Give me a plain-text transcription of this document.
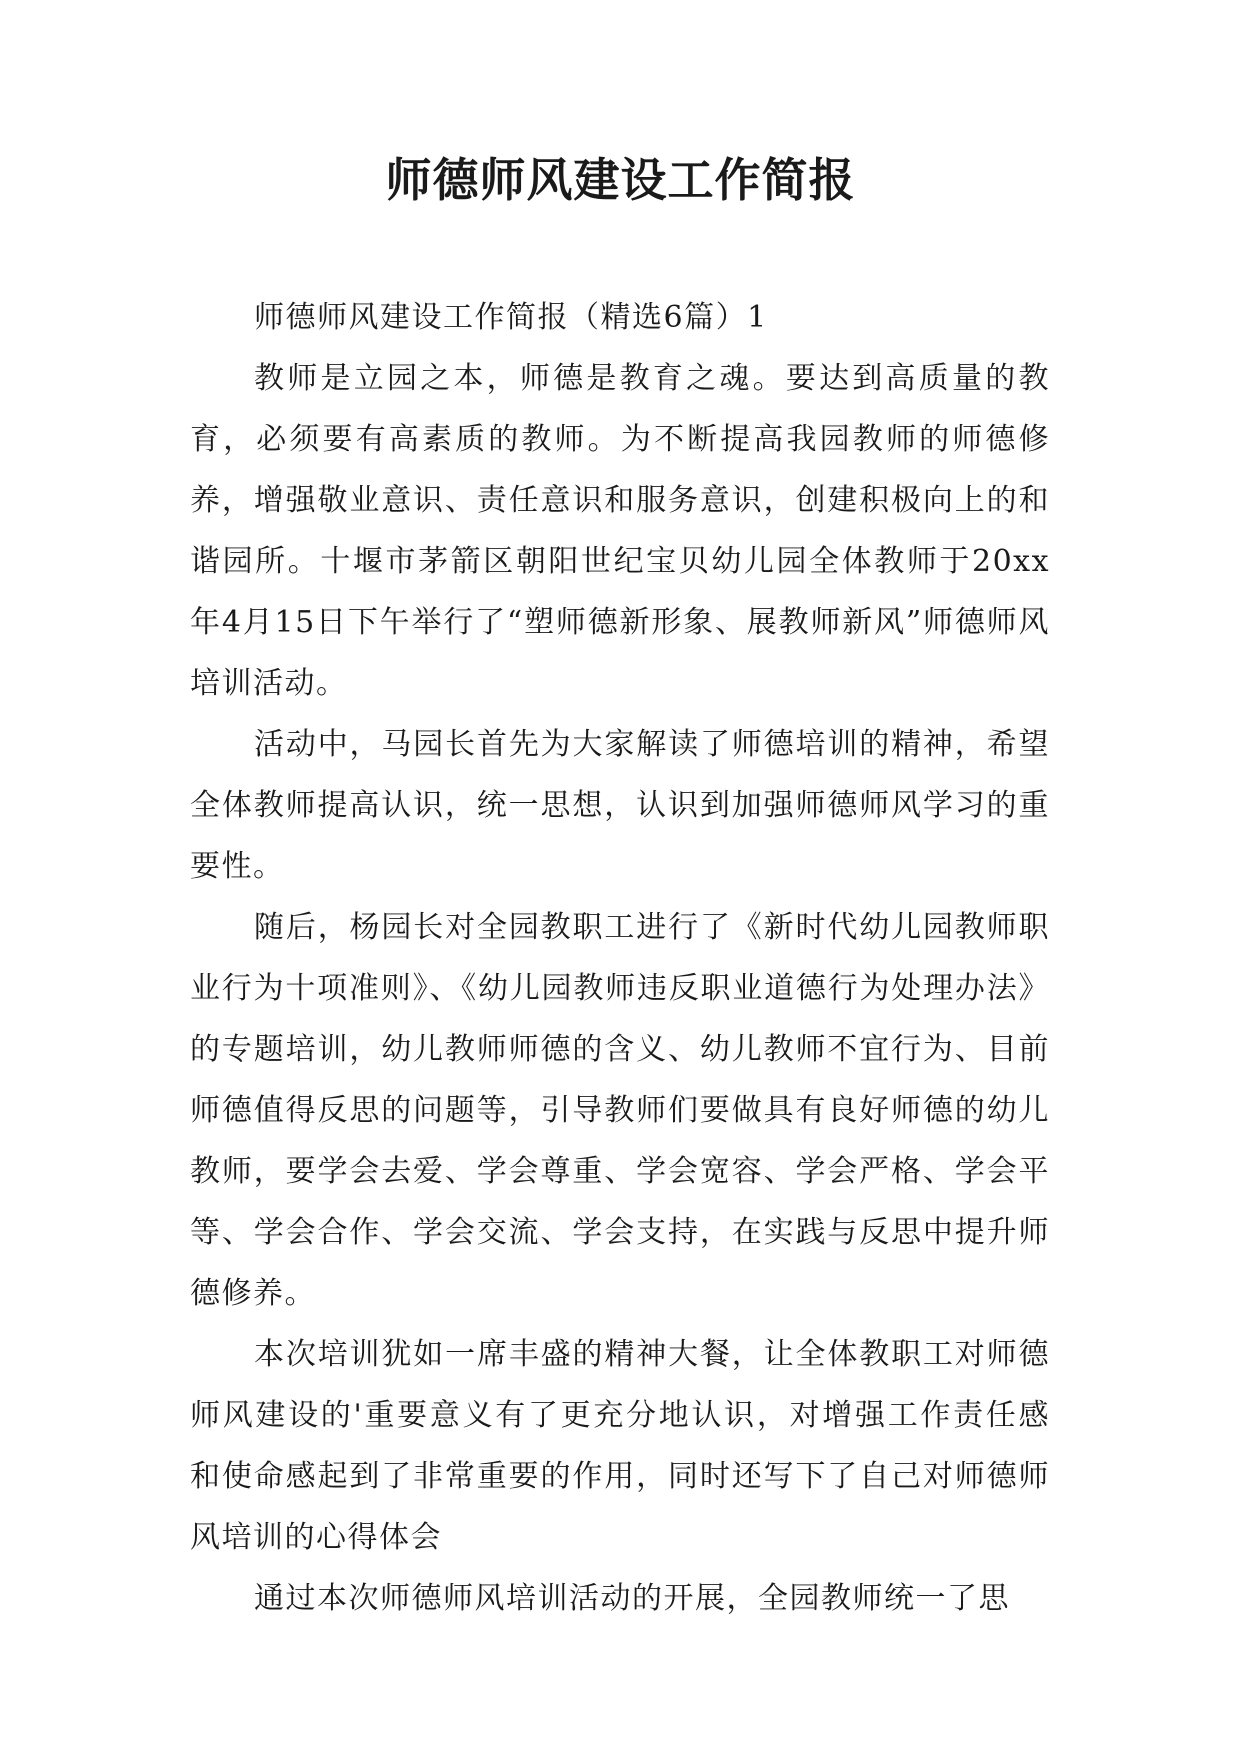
师德师风建设工作简报

师德师风建设工作简报（精选6篇）1

教师是立园之本，师德是教育之魂。要达到高质量的教育，必须要有高素质的教师。为不断提高我园教师的师德修养，增强敬业意识、责任意识和服务意识，创建积极向上的和谐园所。十堰市茅箭区朝阳世纪宝贝幼儿园全体教师于20xx年4月15日下午举行了“塑师德新形象、展教师新风”师德师风培训活动。

活动中，马园长首先为大家解读了师德培训的精神，希望全体教师提高认识，统一思想，认识到加强师德师风学习的重要性。

随后，杨园长对全园教职工进行了《新时代幼儿园教师职业行为十项准则》、《幼儿园教师违反职业道德行为处理办法》的专题培训，幼儿教师师德的含义、幼儿教师不宜行为、目前师德值得反思的问题等，引导教师们要做具有良好师德的幼儿教师，要学会去爱、学会尊重、学会宽容、学会严格、学会平等、学会合作、学会交流、学会支持，在实践与反思中提升师德修养。

本次培训犹如一席丰盛的精神大餐，让全体教职工对师德师风建设的'重要意义有了更充分地认识，对增强工作责任感和使命感起到了非常重要的作用，同时还写下了自己对师德师风培训的心得体会

通过本次师德师风培训活动的开展，全园教师统一了思
